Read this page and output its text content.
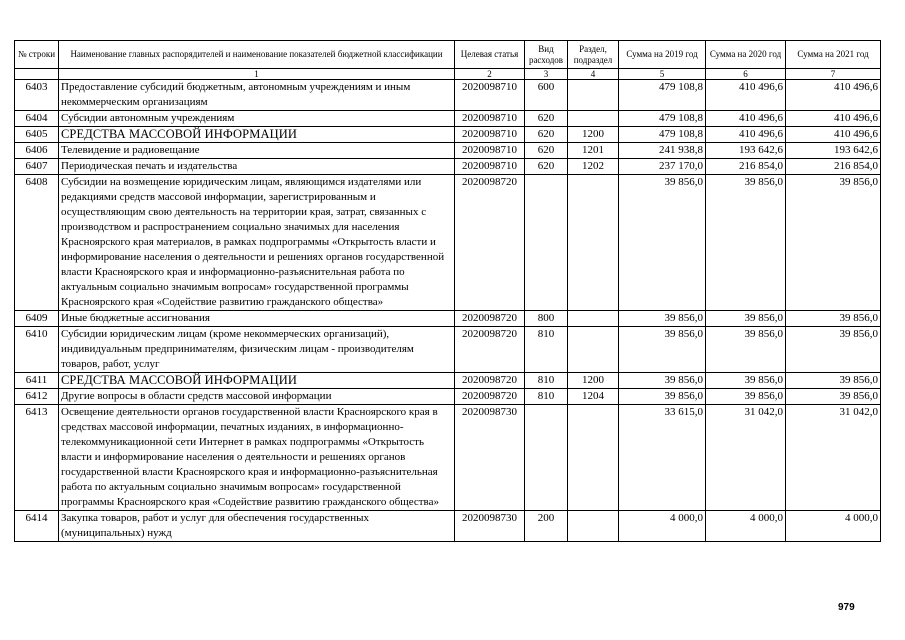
№ строки	Наименование главных распорядителей и наименование показателей бюджетной классификации	Целевая статья	Вид расходов	Раздел, подраздел	Сумма на 2019 год	Сумма на 2020 год	Сумма на 2021 год
	1	2	3	4	5	6	7
6403	Предоставление субсидий бюджетным, автономным учреждениям и иным некоммерческим организациям	2020098710	600		479 108,8	410 496,6	410 496,6
6404	Субсидии автономным учреждениям	2020098710	620		479 108,8	410 496,6	410 496,6
6405	СРЕДСТВА МАССОВОЙ ИНФОРМАЦИИ	2020098710	620	1200	479 108,8	410 496,6	410 496,6
6406	Телевидение и радиовещание	2020098710	620	1201	241 938,8	193 642,6	193 642,6
6407	Периодическая печать и издательства	2020098710	620	1202	237 170,0	216 854,0	216 854,0
6408	Субсидии на возмещение юридическим лицам, являющимся издателями или редакциями средств массовой информации, зарегистрированным и осуществляющим свою деятельность на территории края, затрат, связанных с производством и распространением социально значимых для населения Красноярского края материалов, в рамках подпрограммы «Открытость власти и информирование населения о деятельности и решениях органов государственной власти Красноярского края и информационно-разъяснительная работа по актуальным социально значимым вопросам» государственной программы Красноярского края «Содействие развитию гражданского общества»	2020098720			39 856,0	39 856,0	39 856,0
6409	Иные бюджетные ассигнования	2020098720	800		39 856,0	39 856,0	39 856,0
6410	Субсидии юридическим лицам (кроме некоммерческих организаций), индивидуальным предпринимателям, физическим лицам - производителям товаров, работ, услуг	2020098720	810		39 856,0	39 856,0	39 856,0
6411	СРЕДСТВА МАССОВОЙ ИНФОРМАЦИИ	2020098720	810	1200	39 856,0	39 856,0	39 856,0
6412	Другие вопросы в области средств массовой информации	2020098720	810	1204	39 856,0	39 856,0	39 856,0
6413	Освещение деятельности органов государственной власти Красноярского края в средствах массовой информации, печатных изданиях, в информационно-телекоммуникационной сети Интернет в рамках подпрограммы «Открытость власти и информирование населения о деятельности и решениях органов государственной власти Красноярского края и информационно-разъяснительная работа по актуальным социально значимым вопросам» государственной программы Красноярского края «Содействие развитию гражданского общества»	2020098730			33 615,0	31 042,0	31 042,0
6414	Закупка товаров, работ и услуг для обеспечения государственных (муниципальных) нужд	2020098730	200		4 000,0	4 000,0	4 000,0
979
